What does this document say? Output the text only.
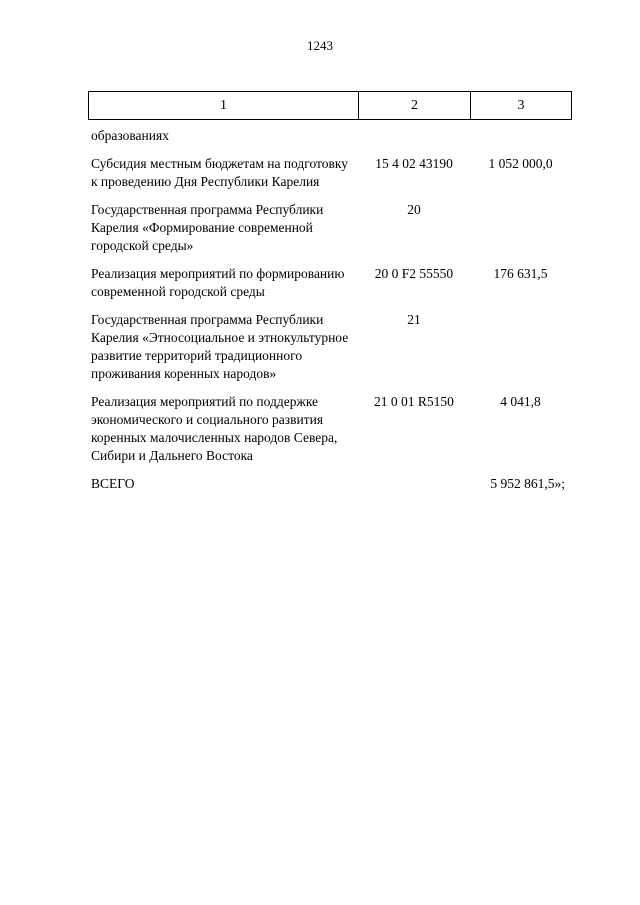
1243
1	2	3
образованиях		
Субсидия местным бюджетам на подготовку к проведению Дня Республики Карелия	15 4 02 43190	1 052 000,0
Государственная программа Республики Карелия «Формирование современной городской среды»	20	
Реализация мероприятий по формированию современной городской среды	20 0 F2 55550	176 631,5
Государственная программа Республики Карелия «Этносоциальное и этнокультурное развитие территорий традиционного проживания коренных народов»	21	
Реализация мероприятий по поддержке экономического и социального развития коренных малочисленных народов Севера, Сибири и Дальнего Востока	21 0 01 R5150	4 041,8
ВСЕГО		5 952 861,5»;
